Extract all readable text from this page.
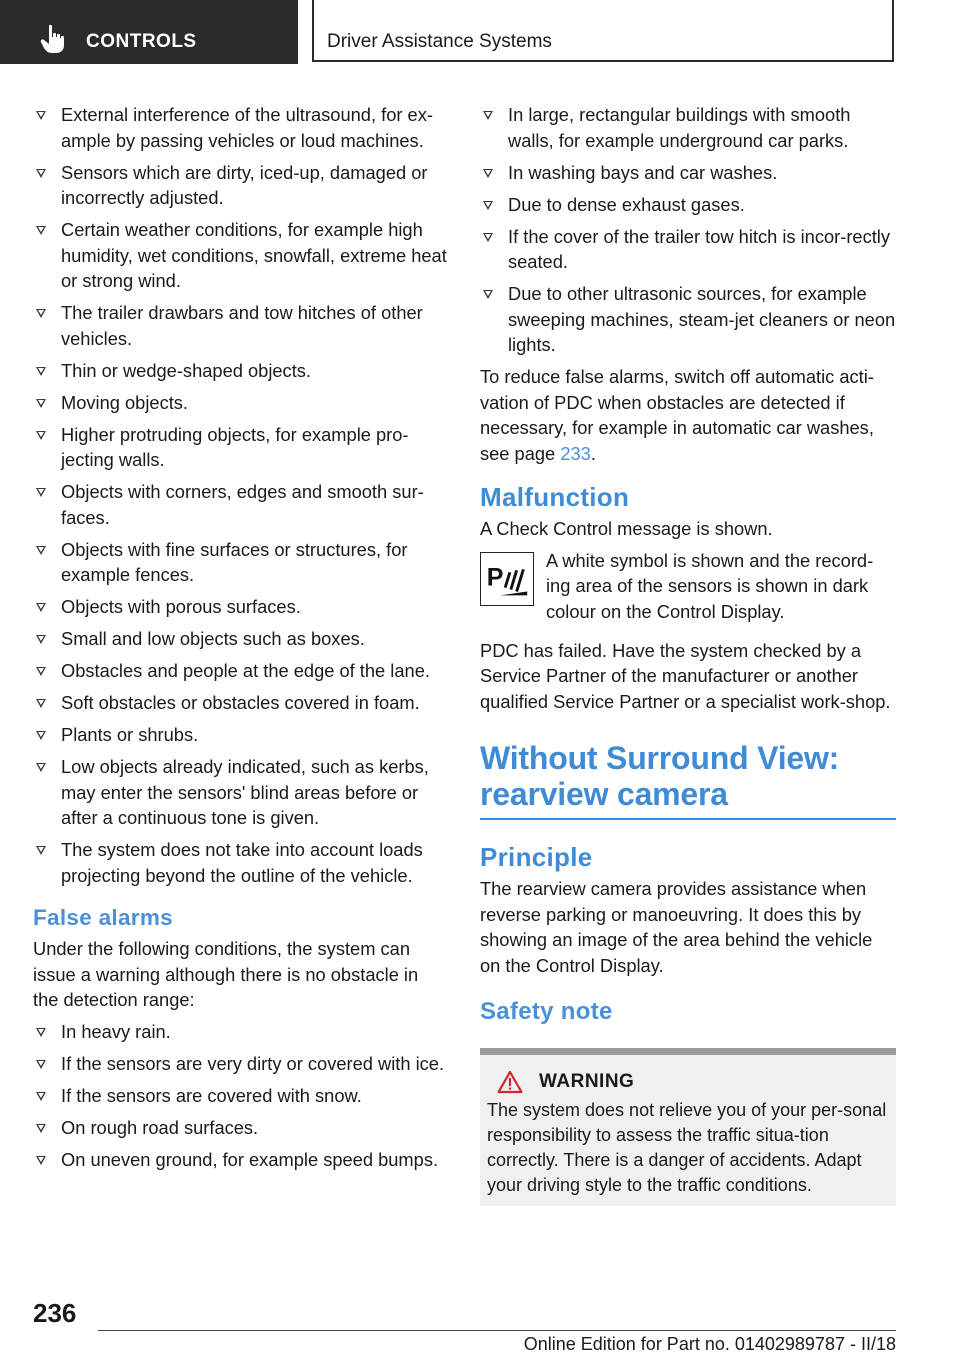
CONTROLS	Driver Assistance Systems
External interference of the ultrasound, for ex‐ample by passing vehicles or loud machines.
Sensors which are dirty, iced-up, damaged or incorrectly adjusted.
Certain weather conditions, for example high humidity, wet conditions, snowfall, extreme heat or strong wind.
The trailer drawbars and tow hitches of other vehicles.
Thin or wedge-shaped objects.
Moving objects.
Higher protruding objects, for example pro‐jecting walls.
Objects with corners, edges and smooth sur‐faces.
Objects with fine surfaces or structures, for example fences.
Objects with porous surfaces.
Small and low objects such as boxes.
Obstacles and people at the edge of the lane.
Soft obstacles or obstacles covered in foam.
Plants or shrubs.
Low objects already indicated, such as kerbs, may enter the sensors' blind areas before or after a continuous tone is given.
The system does not take into account loads projecting beyond the outline of the vehicle.
False alarms

Under the following conditions, the system can issue a warning although there is no obstacle in the detection range:

In heavy rain.
If the sensors are very dirty or covered with ice.
If the sensors are covered with snow.
On rough road surfaces.
On uneven ground, for example speed bumps.
In large, rectangular buildings with smooth walls, for example underground car parks.
In washing bays and car washes.
Due to dense exhaust gases.
If the cover of the trailer tow hitch is incor‐rectly seated.
Due to other ultrasonic sources, for example sweeping machines, steam-jet cleaners or neon lights.

To reduce false alarms, switch off automatic acti‐vation of PDC when obstacles are detected if necessary, for example in automatic car washes, see page 233.

Malfunction

A Check Control message is shown.

P
A white symbol is shown and the record‐ing area of the sensors is shown in dark colour on the Control Display.

PDC has failed. Have the system checked by a Service Partner of the manufacturer or another qualified Service Partner or a specialist work‐shop.

Without Surround View: rearview camera
Principle

The rearview camera provides assistance when reverse parking or manoeuvring. It does this by showing an image of the area behind the vehicle on the Control Display.

Safety note
WARNING
The system does not relieve you of your per‐sonal responsibility to assess the traffic situa‐tion correctly. There is a danger of accidents. Adapt your driving style to the traffic conditions.
236
Online Edition for Part no. 01402989787 - II/18
